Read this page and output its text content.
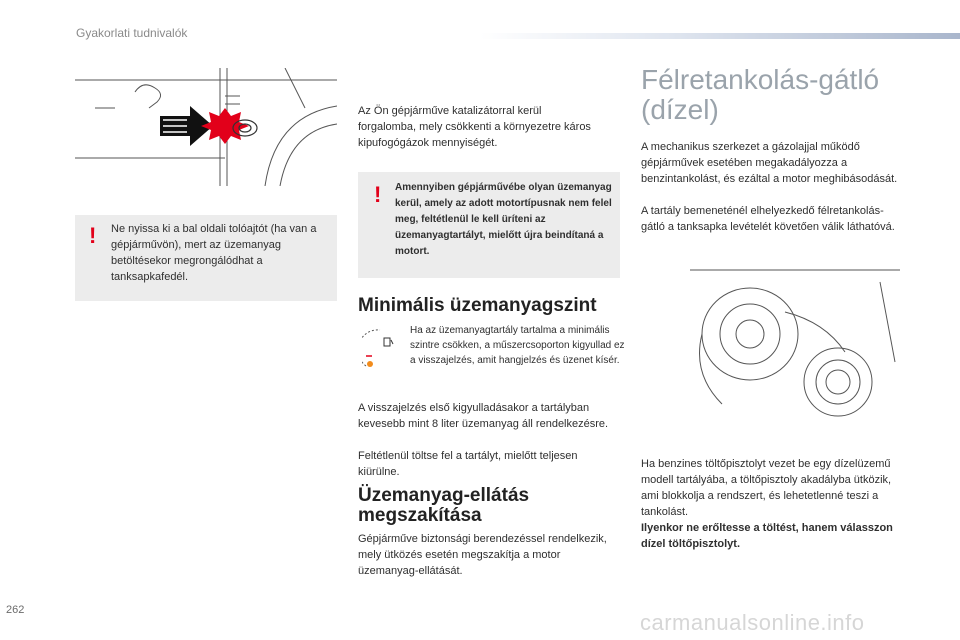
Gyakorlati tudnivalók
! Ne nyissa ki a bal oldali tolóajtót (ha van a gépjárművön), mert az üzemanyag betöltésekor megrongálódhat a tanksapkafedél.
Az Ön gépjárműve katalizátorral kerül forgalomba, mely csökkenti a környezetre káros kipufogógázok mennyiségét.
! Amennyiben gépjárművébe olyan üzemanyag kerül, amely az adott motortípusnak nem felel meg, feltétlenül le kell üríteni az üzemanyagtartályt, mielőtt újra beindítaná a motort.
Minimális üzemanyagszint
Ha az üzemanyagtartály tartalma a minimális szintre csökken, a műszercsoporton kigyullad ez a visszajelzés, amit hangjelzés és üzenet kísér.
A visszajelzés első kigyulladásakor a tartályban kevesebb mint 8 liter üzemanyag áll rendelkezésre.
Feltétlenül töltse fel a tartályt, mielőtt teljesen kiürülne.
Üzemanyag-ellátás
megszakítása
Gépjárműve biztonsági berendezéssel rendelkezik, mely ütközés esetén megszakítja a motor üzemanyag-ellátását.
Félretankolás-gátló
(dízel)
A mechanikus szerkezet a gázolajjal működő gépjárművek esetében megakadályozza a benzintankolást, és ezáltal a motor meghibásodását.
A tartály bemeneténél elhelyezkedő félretankolás-gátló a tanksapka levételét követően válik láthatóvá.
Ha benzines töltőpisztolyt vezet be egy dízelüzemű modell tartályába, a töltőpisztoly akadályba ütközik, ami blokkolja a rendszert, és lehetetlenné teszi a tankolást.
Ilyenkor ne erőltesse a töltést, hanem válasszon dízel töltőpisztolyt.
262	carmanualsonline.info
